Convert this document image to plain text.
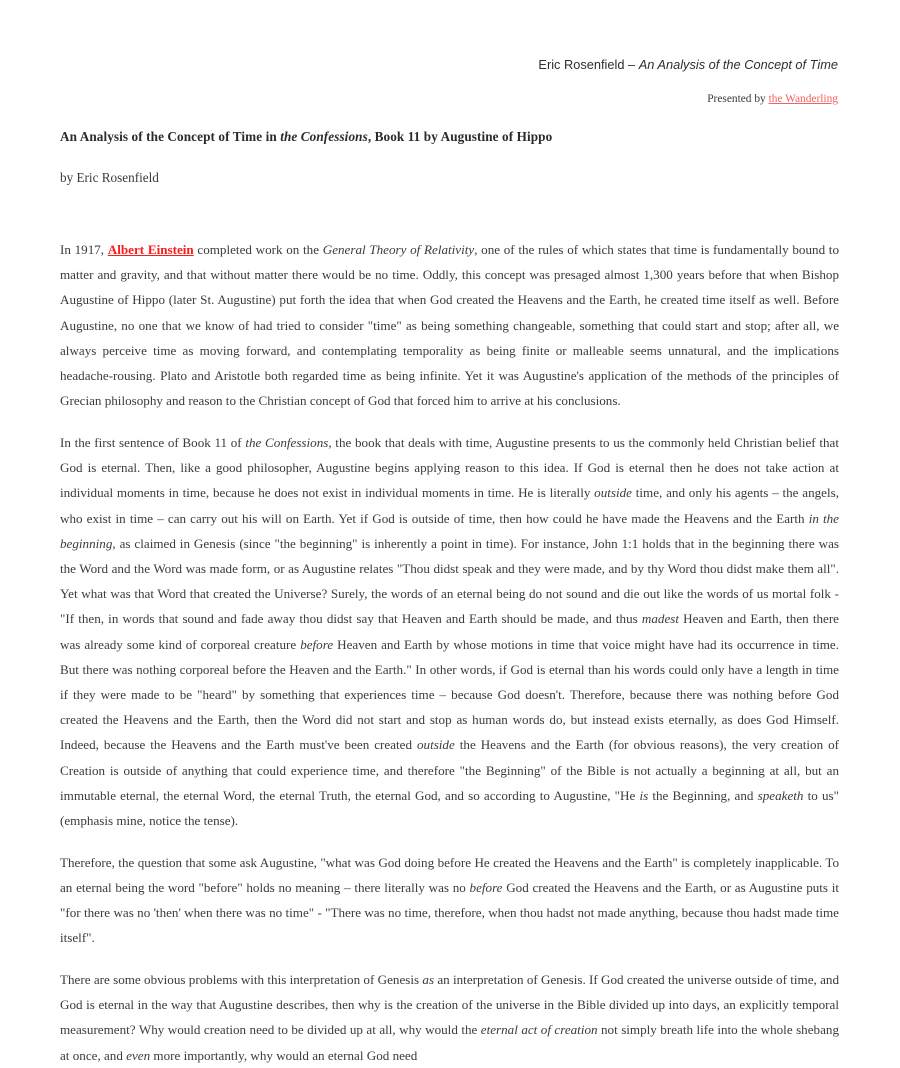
Eric Rosenfield – An Analysis of the Concept of Time
Presented by the Wanderling
An Analysis of the Concept of Time in the Confessions, Book 11 by Augustine of Hippo

by Eric Rosenfield

In 1917, Albert Einstein completed work on the General Theory of Relativity, one of the rules of which states that time is fundamentally bound to matter and gravity, and that without matter there would be no time. Oddly, this concept was presaged almost 1,300 years before that when Bishop Augustine of Hippo (later St. Augustine) put forth the idea that when God created the Heavens and the Earth, he created time itself as well. Before Augustine, no one that we know of had tried to consider "time" as being something changeable, something that could start and stop; after all, we always perceive time as moving forward, and contemplating temporality as being finite or malleable seems unnatural, and the implications headache-rousing. Plato and Aristotle both regarded time as being infinite. Yet it was Augustine's application of the methods of the principles of Grecian philosophy and reason to the Christian concept of God that forced him to arrive at his conclusions.

In the first sentence of Book 11 of the Confessions, the book that deals with time, Augustine presents to us the commonly held Christian belief that God is eternal. Then, like a good philosopher, Augustine begins applying reason to this idea. If God is eternal then he does not take action at individual moments in time, because he does not exist in individual moments in time. He is literally outside time, and only his agents – the angels, who exist in time – can carry out his will on Earth. Yet if God is outside of time, then how could he have made the Heavens and the Earth in the beginning, as claimed in Genesis (since "the beginning" is inherently a point in time). For instance, John 1:1 holds that in the beginning there was the Word and the Word was made form, or as Augustine relates "Thou didst speak and they were made, and by thy Word thou didst make them all". Yet what was that Word that created the Universe? Surely, the words of an eternal being do not sound and die out like the words of us mortal folk - "If then, in words that sound and fade away thou didst say that Heaven and Earth should be made, and thus madest Heaven and Earth, then there was already some kind of corporeal creature before Heaven and Earth by whose motions in time that voice might have had its occurrence in time. But there was nothing corporeal before the Heaven and the Earth." In other words, if God is eternal than his words could only have a length in time if they were made to be "heard" by something that experiences time – because God doesn't. Therefore, because there was nothing before God created the Heavens and the Earth, then the Word did not start and stop as human words do, but instead exists eternally, as does God Himself. Indeed, because the Heavens and the Earth must've been created outside the Heavens and the Earth (for obvious reasons), the very creation of Creation is outside of anything that could experience time, and therefore "the Beginning" of the Bible is not actually a beginning at all, but an immutable eternal, the eternal Word, the eternal Truth, the eternal God, and so according to Augustine, "He is the Beginning, and speaketh to us" (emphasis mine, notice the tense).

Therefore, the question that some ask Augustine, "what was God doing before He created the Heavens and the Earth" is completely inapplicable. To an eternal being the word "before" holds no meaning – there literally was no before God created the Heavens and the Earth, or as Augustine puts it "for there was no 'then' when there was no time" - "There was no time, therefore, when thou hadst not made anything, because thou hadst made time itself".

There are some obvious problems with this interpretation of Genesis as an interpretation of Genesis. If God created the universe outside of time, and God is eternal in the way that Augustine describes, then why is the creation of the universe in the Bible divided up into days, an explicitly temporal measurement? Why would creation need to be divided up at all, why would the eternal act of creation not simply breath life into the whole shebang at once, and even more importantly, why would an eternal God need
